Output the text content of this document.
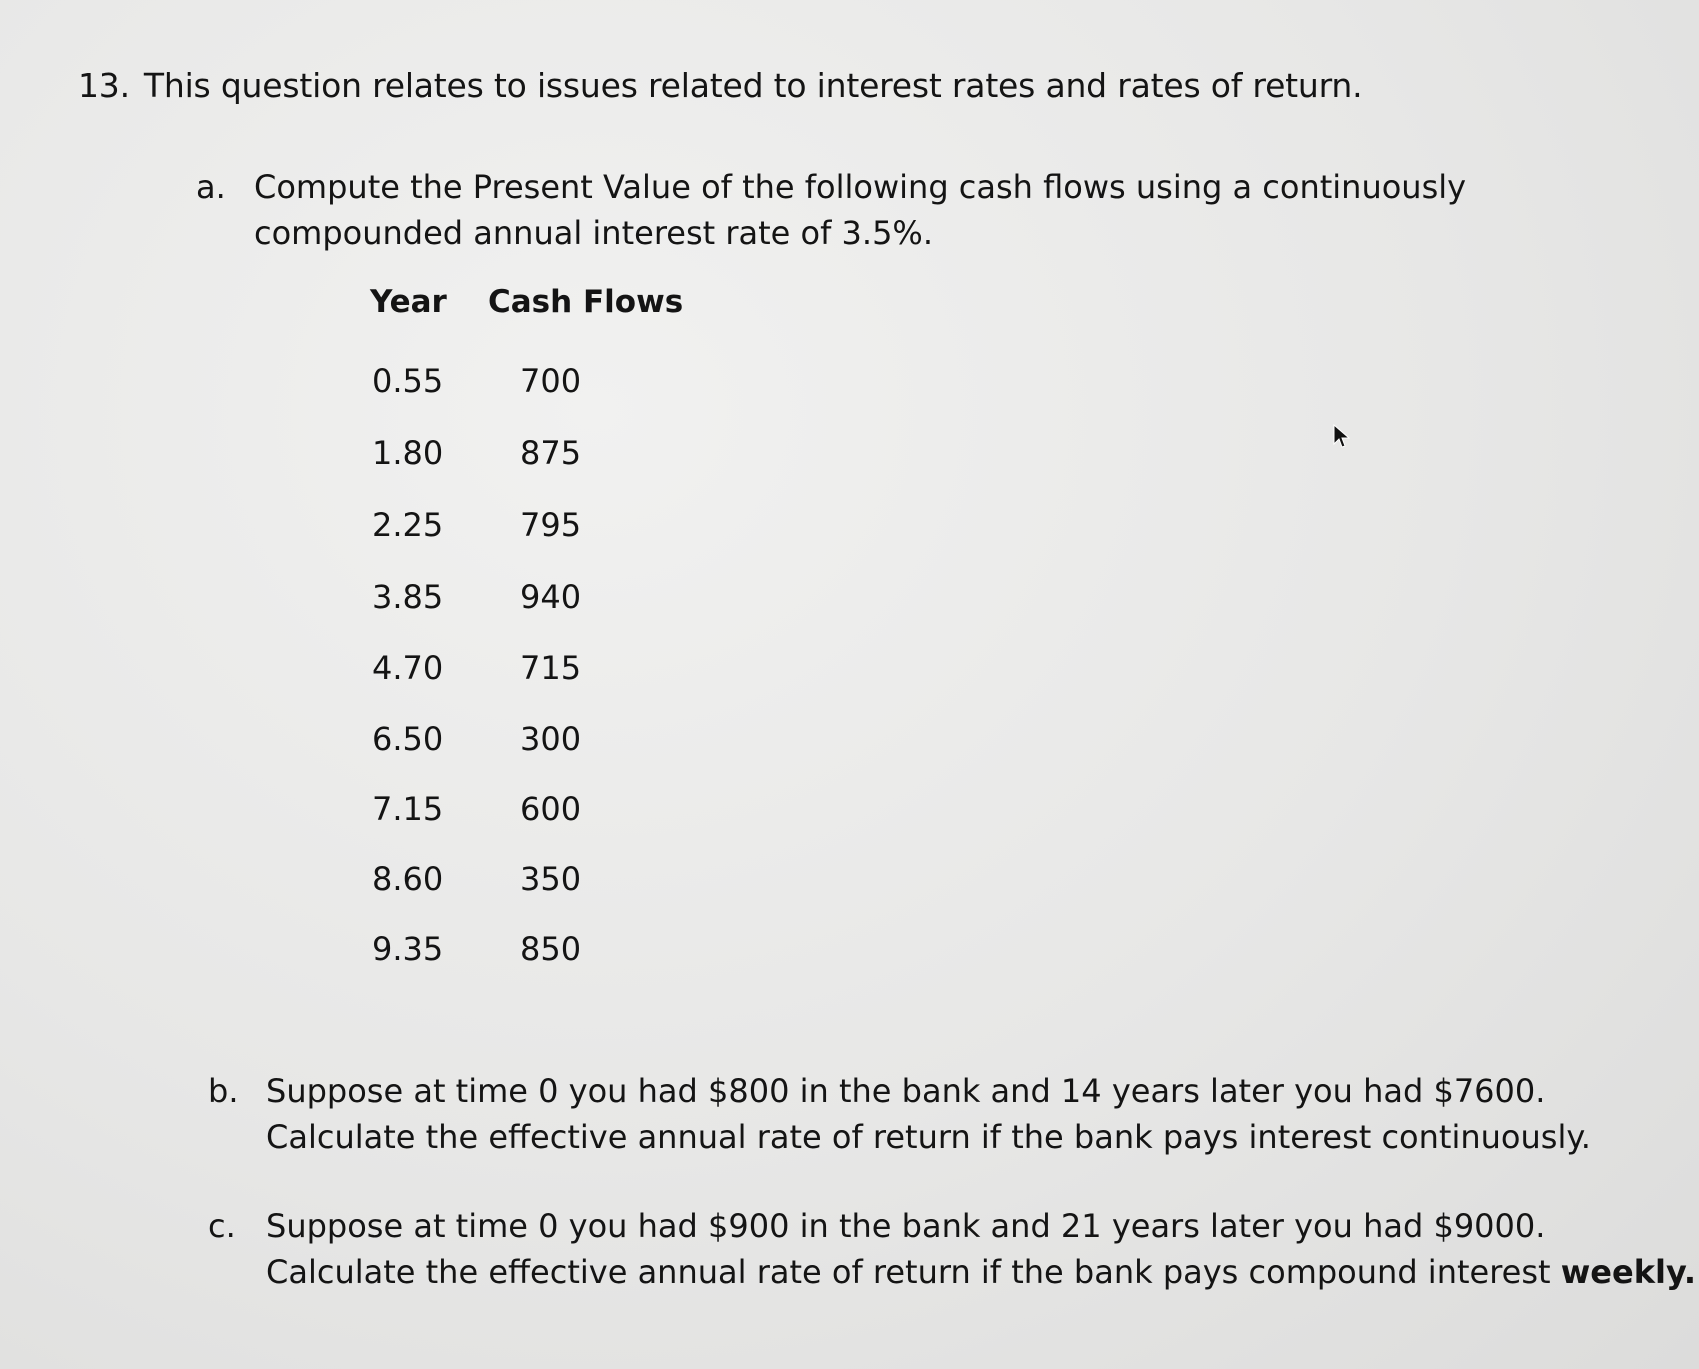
13. This question relates to issues related to interest rates and rates of return.
a. Compute the Present Value of the following cash flows using a continuously
compounded annual interest rate of 3.5%.
Year Cash Flows
0.55 700
1.80 875
2.25 795
3.85 940
4.70 715
6.50 300
7.15 600
8.60 350
9.35 850
b. Suppose at time 0 you had $800 in the bank and 14 years later you had $7600.
Calculate the effective annual rate of return if the bank pays interest continuously.
c. Suppose at time 0 you had $900 in the bank and 21 years later you had $9000.
Calculate the effective annual rate of return if the bank pays compound interest weekly.
